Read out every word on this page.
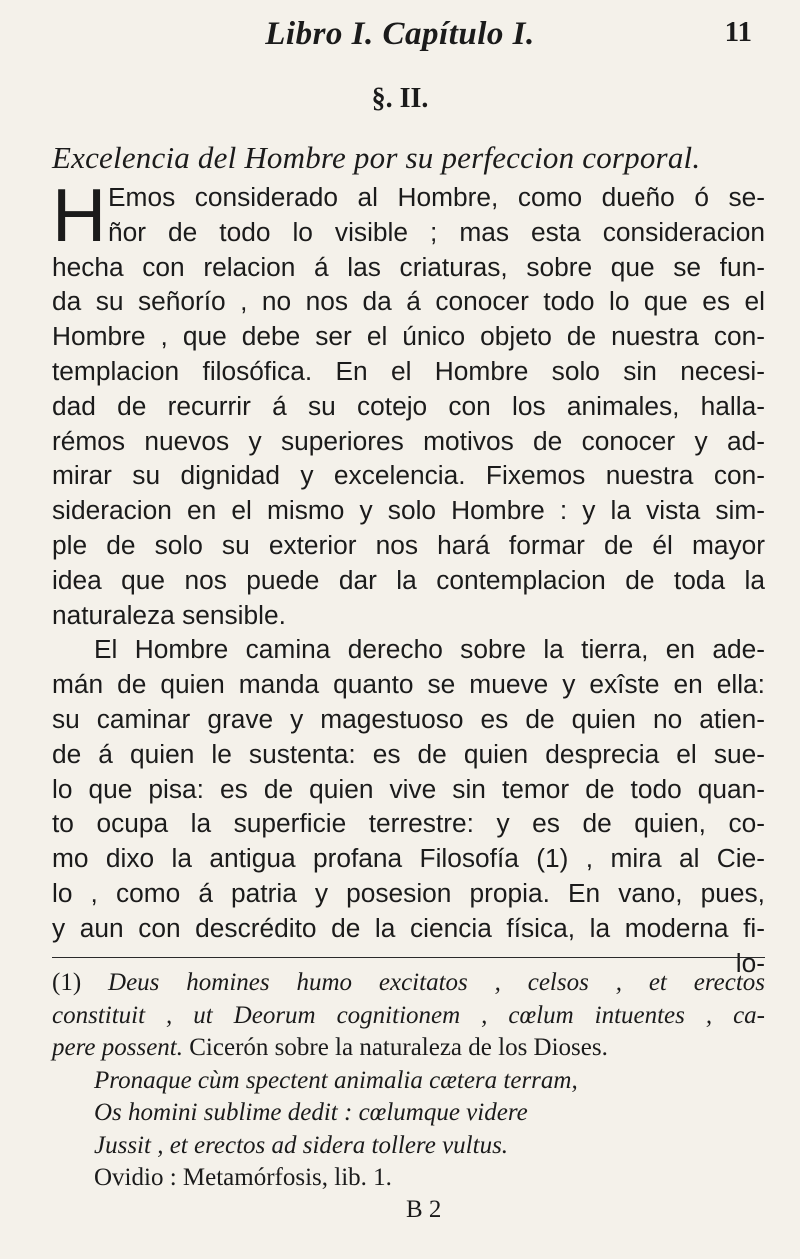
Libro I. Capítulo I.	11
§. II.
Excelencia del Hombre por su perfeccion corporal.
H Emos considerado al Hombre, como dueño ó se-
ñor de todo lo visible ; mas esta consideracion
hecha con relacion á las criaturas, sobre que se fun-
da su señorío , no nos da á conocer todo lo que es el
Hombre , que debe ser el único objeto de nuestra con-
templacion filosófica. En el Hombre solo sin necesi-
dad de recurrir á su cotejo con los animales, halla-
rémos nuevos y superiores motivos de conocer y ad-
mirar su dignidad y excelencia. Fixemos nuestra con-
sideracion en el mismo y solo Hombre : y la vista sim-
ple de solo su exterior nos hará formar de él mayor
idea que nos puede dar la contemplacion de toda la
naturaleza sensible.
El Hombre camina derecho sobre la tierra, en ade-
mán de quien manda quanto se mueve y exîste en ella:
su caminar grave y magestuoso es de quien no atien-
de á quien le sustenta: es de quien desprecia el sue-
lo que pisa: es de quien vive sin temor de todo quan-
to ocupa la superficie terrestre: y es de quien, co-
mo dixo la antigua profana Filosofía (1) , mira al Cie-
lo , como á patria y posesion propia. En vano, pues,
y aun con descrédito de la ciencia física, la moderna fi-
lo-
(1) Deus homines humo excitatos , celsos , et erectos
constituit , ut Deorum cognitionem , cœlum intuentes , ca-
pere possent. Cicerón sobre la naturaleza de los Dioses.
Pronaque cùm spectent animalia cætera terram,
Os homini sublime dedit : cœlumque videre
Jussit , et erectos ad sidera tollere vultus.
Ovidio : Metamórfosis, lib. 1.
B 2
